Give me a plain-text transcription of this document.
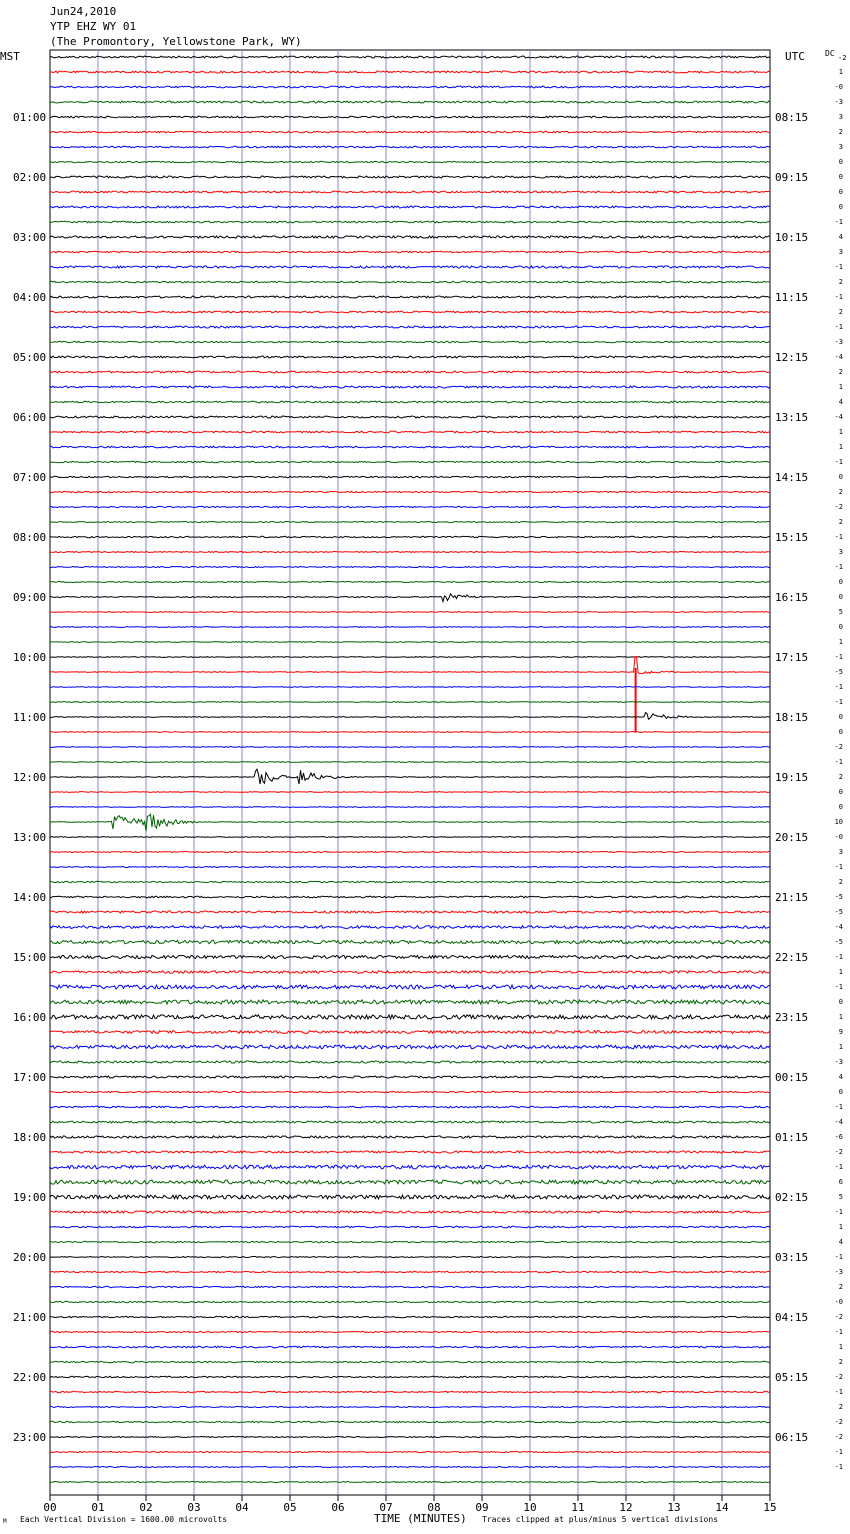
Jun24,2010
YTP EHZ WY 01
(The Promontory, Yellowstone Park, WY)
MST	UTC	DC -2
01:00
02:00
03:00
04:00
05:00
06:00
07:00
08:00
09:00
10:00
11:00
12:00
13:00
14:00
15:00
16:00
17:00
18:00
19:00
20:00
21:00
22:00
23:00
08:15
09:15
10:15
11:15
12:15
13:15
14:15
15:15
16:15
17:15
18:15
19:15
20:15
21:15
22:15
23:15
00:15
01:15
02:15
03:15
04:15
05:15
06:15
1
-0
-3
3
2
3
0
0
0
0
-1
4
3
-1
2
-1
2
-1
-3
-4
2
1
4
-4
1
1
-1
0
2
-2
2
-1
3
-1
0
0
5
0
1
-1
-5
-1
-1
0
0
-2
-1
2
0
0
10
-0
3
-1
2
-5
-5
-4
-5
-1
1
-1
0
1
9
1
-3
4
0
-1
-4
-6
-2
-1
6
5
-1
1
4
-1
-3
2
-0
-2
-1
1
2
-2
-1
2
-2
-2
-1
-1
00	01	02	03	04	05	06	07	08	09	10	11	12	13	14	15
M Each Vertical Division = 1600.00 microvolts	TIME (MINUTES) Traces clipped at plus/minus 5 vertical divisions
